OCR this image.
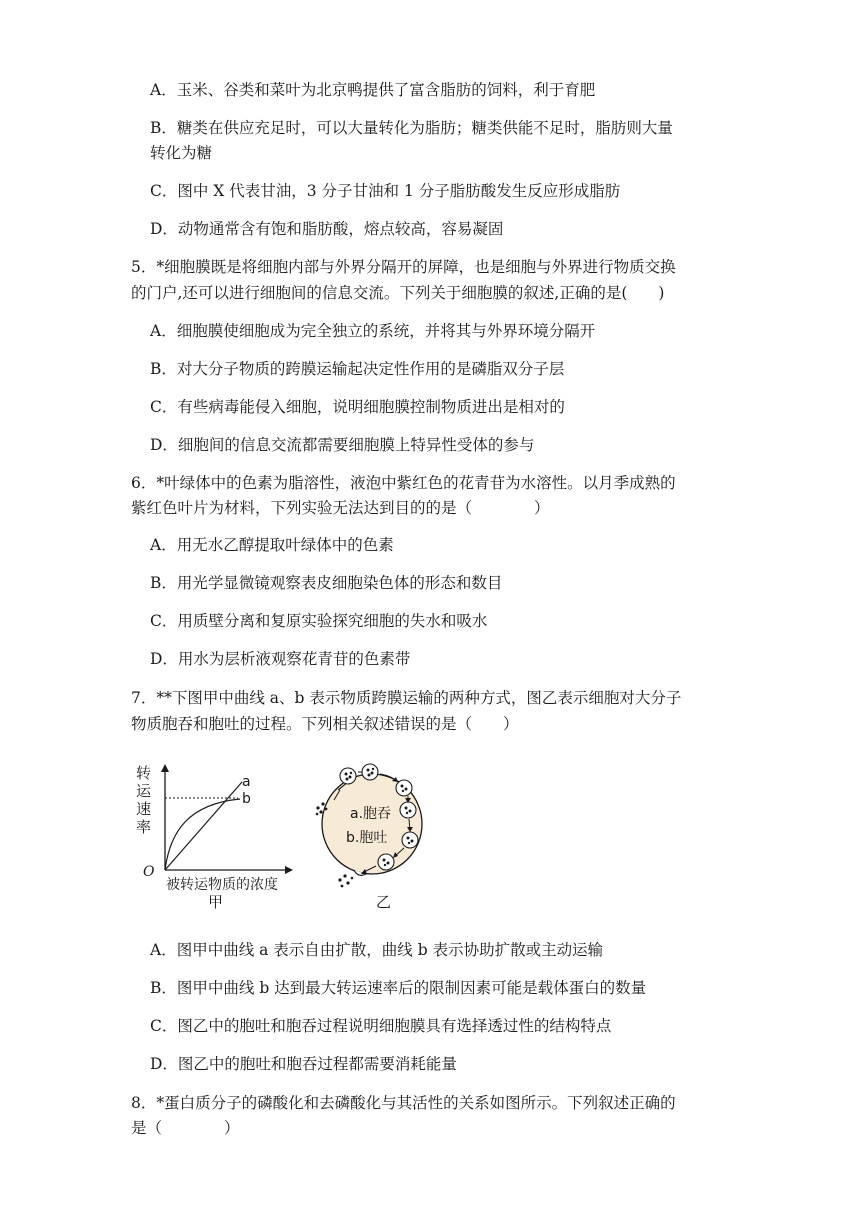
A．玉米、谷类和菜叶为北京鸭提供了富含脂肪的饲料，利于育肥
B．糖类在供应充足时，可以大量转化为脂肪；糖类供能不足时，脂肪则大量
转化为糖
C．图中 X 代表甘油，3 分子甘油和 1 分子脂肪酸发生反应形成脂肪
D．动物通常含有饱和脂肪酸，熔点较高，容易凝固
5．*细胞膜既是将细胞内部与外界分隔开的屏障，也是细胞与外界进行物质交换
的门户,还可以进行细胞间的信息交流。下列关于细胞膜的叙述,正确的是(　　)
A．细胞膜使细胞成为完全独立的系统，并将其与外界环境分隔开
B．对大分子物质的跨膜运输起决定性作用的是磷脂双分子层
C．有些病毒能侵入细胞，说明细胞膜控制物质进出是相对的
D．细胞间的信息交流都需要细胞膜上特异性受体的参与
6．*叶绿体中的色素为脂溶性，液泡中紫红色的花青苷为水溶性。以月季成熟的
紫红色叶片为材料，下列实验无法达到目的的是（　　　　）
A．用无水乙醇提取叶绿体中的色素
B．用光学显微镜观察表皮细胞染色体的形态和数目
C．用质壁分离和复原实验探究细胞的失水和吸水
D．用水为层析液观察花青苷的色素带
7．**下图甲中曲线 a、b 表示物质跨膜运输的两种方式，图乙表示细胞对大分子
物质胞吞和胞吐的过程。下列相关叙述错误的是（　　）
转
运
速
率
O
a
b
被转运物质的浓度
甲
a.胞吞
b.胞吐
乙
A．图甲中曲线 a 表示自由扩散，曲线 b 表示协助扩散或主动运输
B．图甲中曲线 b 达到最大转运速率后的限制因素可能是载体蛋白的数量
C．图乙中的胞吐和胞吞过程说明细胞膜具有选择透过性的结构特点
D．图乙中的胞吐和胞吞过程都需要消耗能量
8．*蛋白质分子的磷酸化和去磷酸化与其活性的关系如图所示。下列叙述正确的
是（　　　　）
